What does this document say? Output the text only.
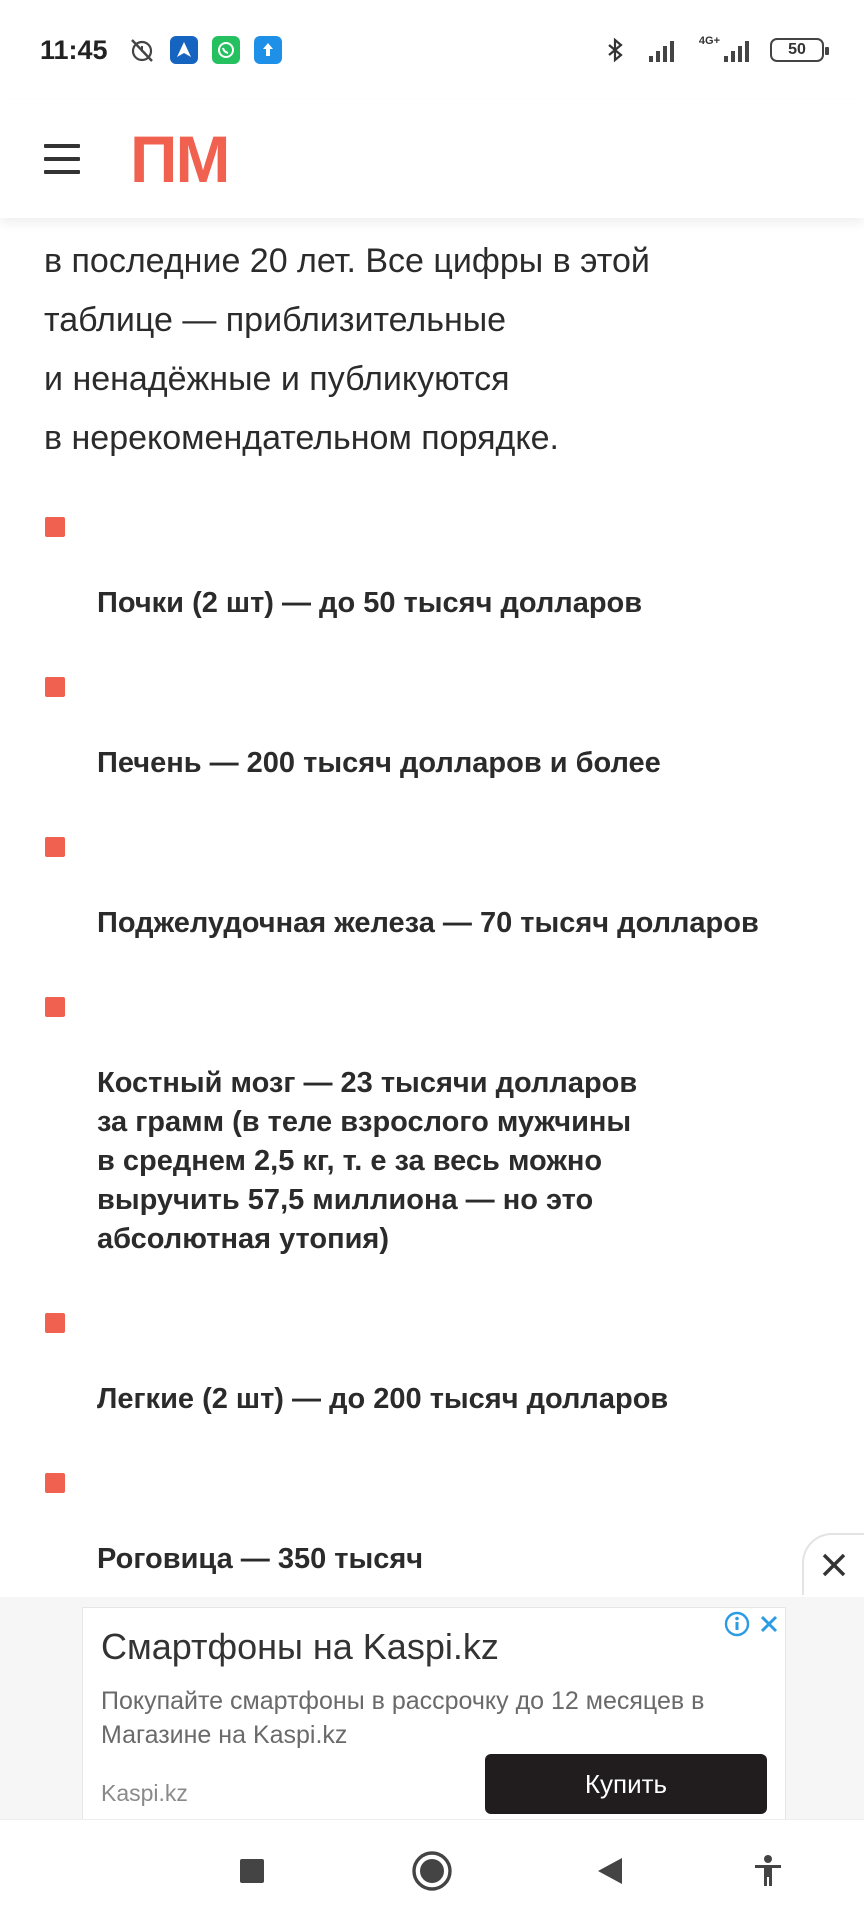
11:45	4G+	50
ПМ

в последние 20 лет. Все цифры в этой
таблице — приблизительные
и ненадёжные и публикуются
в нерекомендательном порядке.

Почки (2 шт) — до 50 тысяч долларов

Печень — 200 тысяч долларов и более

Поджелудочная железа — 70 тысяч долларов

Костный мозг — 23 тысячи долларов
за грамм (в теле взрослого мужчины
в среднем 2,5 кг, т. е за весь можно
выручить 57,5 миллиона — но это
абсолютная утопия)

Легкие (2 шт) — до 200 тысяч долларов

Роговица — 350 тысяч

Смартфоны на Kaspi.kz
Покупайте смартфоны в рассрочку до 12 месяцев в Магазине на Kaspi.kz
Kaspi.kz	Купить
